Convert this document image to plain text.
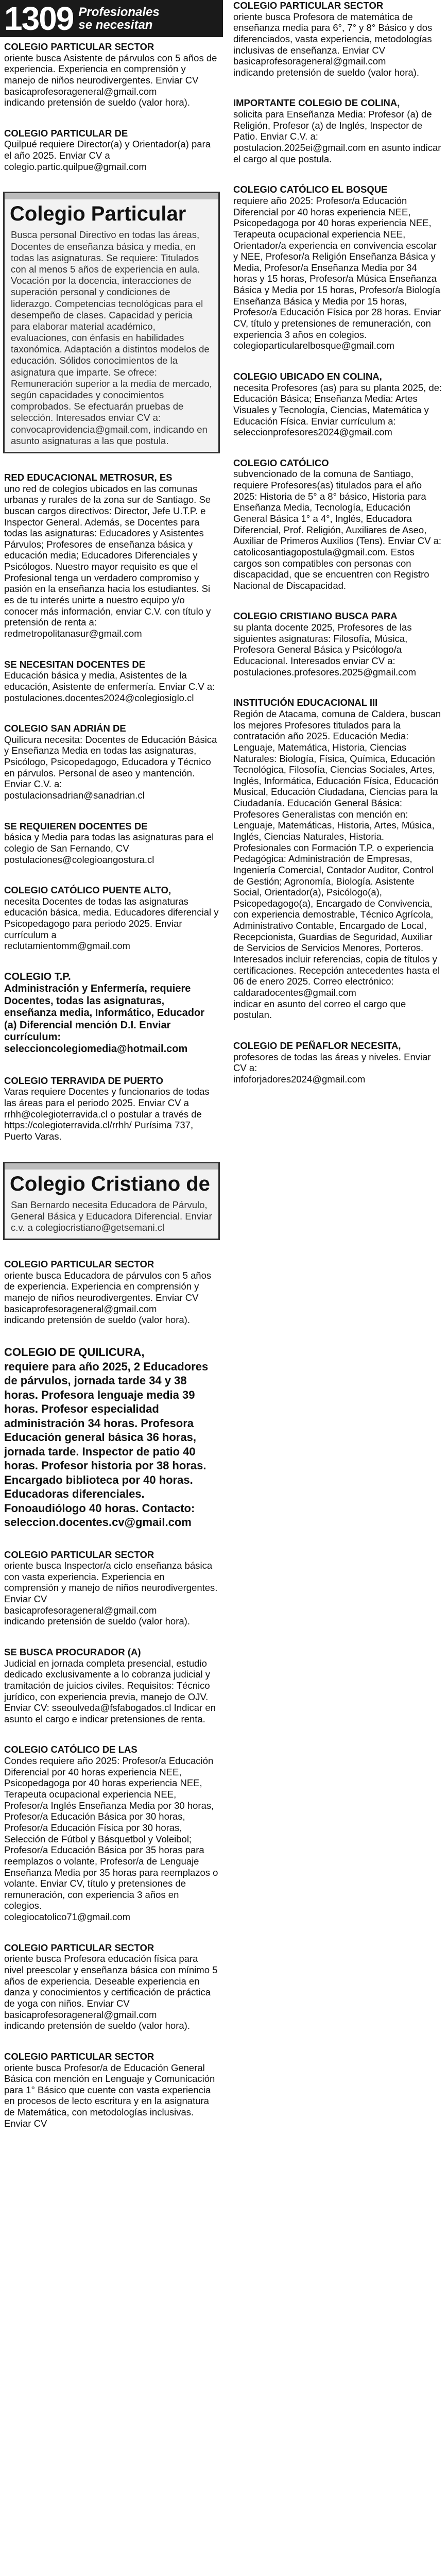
1309 Profesionales
se necesitan
COLEGIO PARTICULAR SECTOR
oriente busca Asistente de párvulos con 5 años de experiencia. Experiencia en comprensión y manejo de niños neurodivergentes. Enviar CV
basicaprofesorageneral@gmail.com
indicando pretensión de sueldo (valor hora).
COLEGIO PARTICULAR DE
Quilpué requiere Director(a) y Orientador(a) para el año 2025. Enviar CV a colegio.partic.quilpue@gmail.com
Colegio Particular
Busca personal Directivo en todas las áreas, Docentes de enseñanza básica y media, en todas las asignaturas. Se requiere: Titulados con al menos 5 años de experiencia en aula. Vocación por la docencia, interacciones de superación personal y condiciones de liderazgo. Competencias tecnológicas para el desempeño de clases. Capacidad y pericia para elaborar material académico, evaluaciones, con énfasis en habilidades taxonómica. Adaptación a distintos modelos de educación. Sólidos conocimientos de la asignatura que imparte. Se ofrece: Remuneración superior a la media de mercado, según capacidades y conocimientos comprobados. Se efectuarán pruebas de selección. Interesados enviar CV a: convocaprovidencia@gmail.com, indicando en asunto asignaturas a las que postula.
RED EDUCACIONAL METROSUR, ES
uno red de colegios ubicados en las comunas urbanas y rurales de la zona sur de Santiago. Se buscan cargos directivos: Director, Jefe U.T.P. e Inspector General. Además, se Docentes para todas las asignaturas: Educadores y Asistentes Párvulos; Profesores de enseñanza básica y educación media; Educadores Diferenciales y Psicólogos. Nuestro mayor requisito es que el Profesional tenga un verdadero compromiso y pasión en la enseñanza hacia los estudiantes. Si es de tu interés unirte a nuestro equipo y/o conocer más información, enviar C.V. con título y pretensión de renta a:
redmetropolitanasur@gmail.com
SE NECESITAN DOCENTES DE
Educación básica y media, Asistentes de la educación, Asistente de enfermería. Enviar C.V a:
postulaciones.docentes2024@colegiosiglo.cl
COLEGIO SAN ADRIÁN DE
Quilicura necesita: Docentes de Educación Básica y Enseñanza Media en todas las asignaturas, Psicólogo, Psicopedagogo, Educadora y Técnico en párvulos. Personal de aseo y mantención. Enviar C.V. a:
postulacionsadrian@sanadrian.cl
SE REQUIEREN DOCENTES DE
básica y Media para todas las asignaturas para el colegio de San Fernando, CV
postulaciones@colegioangostura.cl
COLEGIO CATÓLICO PUENTE ALTO,
necesita Docentes de todas las asignaturas educación básica, media. Educadores diferencial y Psicopedagogo para periodo 2025. Enviar currículum a
reclutamientomm@gmail.com
COLEGIO T.P.
Administración y Enfermería, requiere Docentes, todas las asignaturas, enseñanza media, Informático, Educador (a) Diferencial mención D.I. Enviar currículum:
seleccioncolegiomedia@hotmail.com
COLEGIO TERRAVIDA DE PUERTO
Varas requiere Docentes y funcionarios de todas las áreas para el periodo 2025. Enviar CV a rrhh@colegioterravida.cl o postular a través de https://colegioterravida.cl/rrhh/ Purísima 737, Puerto Varas.
Colegio Cristiano de
San Bernardo necesita Educadora de Párvulo, General Básica y Educadora Diferencial. Enviar c.v. a colegiocristiano@getsemani.cl
COLEGIO PARTICULAR SECTOR
oriente busca Educadora de párvulos con 5 años de experiencia. Experiencia en comprensión y manejo de niños neurodivergentes. Enviar CV
basicaprofesorageneral@gmail.com
indicando pretensión de sueldo (valor hora).
COLEGIO DE QUILICURA,
requiere para año 2025, 2 Educadores de párvulos, jornada tarde 34 y 38 horas. Profesora lenguaje media 39 horas. Profesor especialidad administración 34 horas. Profesora Educación general básica 36 horas, jornada tarde. Inspector de patio 40 horas. Profesor historia por 38 horas. Encargado biblioteca por 40 horas. Educadoras diferenciales. Fonoaudiólogo 40 horas. Contacto:
seleccion.docentes.cv@gmail.com
COLEGIO PARTICULAR SECTOR
oriente busca Inspector/a ciclo enseñanza básica con vasta experiencia. Experiencia en comprensión y manejo de niños neurodivergentes. Enviar CV
basicaprofesorageneral@gmail.com
indicando pretensión de sueldo (valor hora).
SE BUSCA PROCURADOR (A)
Judicial en jornada completa presencial, estudio dedicado exclusivamente a lo cobranza judicial y tramitación de juicios civiles. Requisitos: Técnico jurídico, con experiencia previa, manejo de OJV. Enviar CV: sseoulveda@fsfabogados.cl Indicar en asunto el cargo e indicar pretensiones de renta.
COLEGIO CATÓLICO DE LAS
Condes requiere año 2025: Profesor/a Educación Diferencial por 40 horas experiencia NEE, Psicopedagoga por 40 horas experiencia NEE, Terapeuta ocupacional experiencia NEE, Profesor/a Inglés Enseñanza Media por 30 horas, Profesor/a Educación Básica por 30 horas, Profesor/a Educación Física por 30 horas, Selección de Fútbol y Básquetbol y Voleibol; Profesor/a Educación Básica por 35 horas para reemplazos o volante, Profesor/a de Lenguaje Enseñanza Media por 35 horas para reemplazos o volante. Enviar CV, título y pretensiones de remuneración, con experiencia 3 años en colegios.
colegiocatolico71@gmail.com
COLEGIO PARTICULAR SECTOR
oriente busca Profesora educación física para nivel preescolar y enseñanza básica con mínimo 5 años de experiencia. Deseable experiencia en danza y conocimientos y certificación de práctica de yoga con niños. Enviar CV
basicaprofesorageneral@gmail.com
indicando pretensión de sueldo (valor hora).
COLEGIO PARTICULAR SECTOR
oriente busca Profesor/a de Educación General Básica con mención en Lenguaje y Comunicación para 1° Básico que cuente con vasta experiencia en procesos de lecto escritura y en la asignatura de Matemática, con metodologías inclusivas. Enviar CV
COLEGIO PARTICULAR SECTOR
oriente busca Profesora de matemática de enseñanza media para 6°, 7° y 8° Básico y dos diferenciados, vasta experiencia, metodologías inclusivas de enseñanza. Enviar CV
basicaprofesorageneral@gmail.com
indicando pretensión de sueldo (valor hora).
IMPORTANTE COLEGIO DE COLINA,
solicita para Enseñanza Media: Profesor (a) de Religión, Profesor (a) de Inglés, Inspector de Patio. Enviar C.V. a: postulacion.2025ei@gmail.com en asunto indicar el cargo al que postula.
COLEGIO CATÓLICO EL BOSQUE
requiere año 2025: Profesor/a Educación Diferencial por 40 horas experiencia NEE, Psicopedagoga por 40 horas experiencia NEE, Terapeuta ocupacional experiencia NEE, Orientador/a experiencia en convivencia escolar y NEE, Profesor/a Religión Enseñanza Básica y Media, Profesor/a Enseñanza Media por 34 horas y 15 horas, Profesor/a Música Enseñanza Básica y Media por 15 horas, Profesor/a Biología Enseñanza Básica y Media por 15 horas, Profesor/a Educación Física por 28 horas. Enviar CV, título y pretensiones de remuneración, con experiencia 3 años en colegios.
colegioparticularelbosque@gmail.com
COLEGIO UBICADO EN COLINA,
necesita Profesores (as) para su planta 2025, de: Educación Básica; Enseñanza Media: Artes Visuales y Tecnología, Ciencias, Matemática y Educación Física. Enviar currículum a:
seleccionprofesores2024@gmail.com
COLEGIO CATÓLICO
subvencionado de la comuna de Santiago, requiere Profesores(as) titulados para el año 2025: Historia de 5° a 8° básico, Historia para Enseñanza Media, Tecnología, Educación General Básica 1° a 4°, Inglés, Educadora Diferencial, Prof. Religión, Auxiliares de Aseo, Auxiliar de Primeros Auxilios (Tens). Enviar CV a: catolicosantiagopostula@gmail.com. Estos cargos son compatibles con personas con discapacidad, que se encuentren con Registro Nacional de Discapacidad.
COLEGIO CRISTIANO BUSCA PARA
su planta docente 2025, Profesores de las siguientes asignaturas: Filosofía, Música, Profesora General Básica y Psicólogo/a Educacional. Interesados enviar CV a:
postulaciones.profesores.2025@gmail.com
INSTITUCIÓN EDUCACIONAL III
Región de Atacama, comuna de Caldera, buscan los mejores Profesores titulados para la contratación año 2025. Educación Media: Lenguaje, Matemática, Historia, Ciencias Naturales: Biología, Física, Química, Educación Tecnológica, Filosofía, Ciencias Sociales, Artes, Inglés, Informática, Educación Física, Educación Musical, Educación Ciudadana, Ciencias para la Ciudadanía. Educación General Básica: Profesores Generalistas con mención en: Lenguaje, Matemáticas, Historia, Artes, Música, Inglés, Ciencias Naturales, Historia. Profesionales con Formación T.P. o experiencia Pedagógica: Administración de Empresas, Ingeniería Comercial, Contador Auditor, Control de Gestión; Agronomía, Biología. Asistente Social, Orientador(a), Psicólogo(a), Psicopedagogo(a), Encargado de Convivencia, con experiencia demostrable, Técnico Agrícola, Administrativo Contable, Encargado de Local, Recepcionista, Guardias de Seguridad, Auxiliar de Servicios de Servicios Menores, Porteros. Interesados incluir referencias, copia de títulos y certificaciones. Recepción antecedentes hasta el 06 de enero 2025. Correo electrónico:
caldaradocentes@gmail.com
indicar en asunto del correo el cargo que postulan.
COLEGIO DE PEÑAFLOR NECESITA,
profesores de todas las áreas y niveles. Enviar CV a:
infoforjadores2024@gmail.com
